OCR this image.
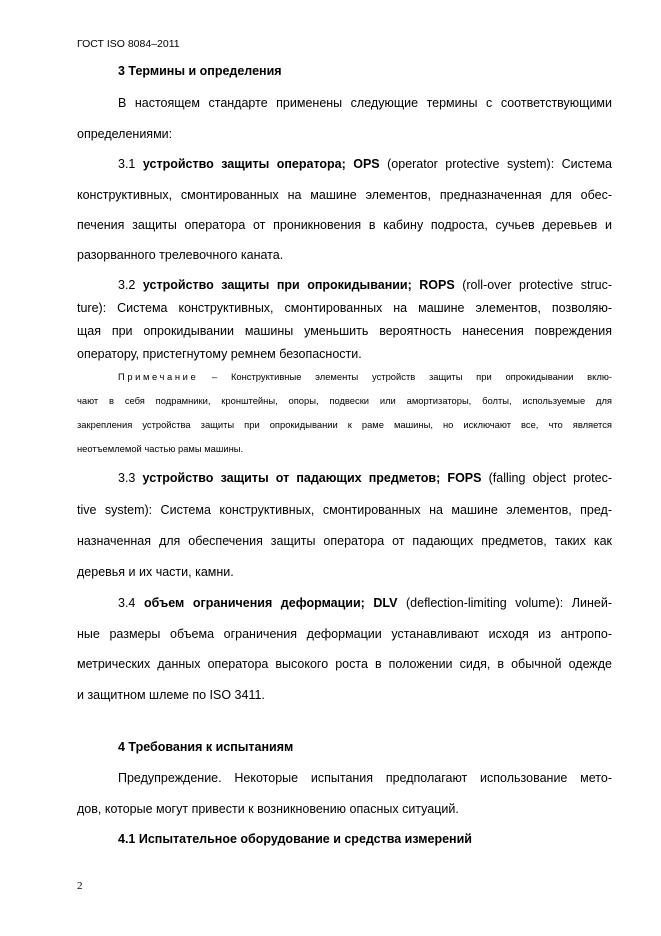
ГОСТ ISO 8084–2011
3 Термины и определения
В настоящем стандарте применены следующие термины с соответствующими
определениями:
3.1 устройство защиты оператора; OPS (operator protective system): Система
конструктивных, смонтированных на машине элементов, предназначенная для обес-
печения защиты оператора от проникновения в кабину подроста, сучьев деревьев и
разорванного трелевочного каната.
3.2 устройство защиты при опрокидывании; ROPS (roll-over protective struc-
ture): Система конструктивных, смонтированных на машине элементов, позволяю-
щая при опрокидывании машины уменьшить вероятность нанесения повреждения
оператору, пристегнутому ремнем безопасности.
Примечание – Конструктивные элементы устройств защиты при опрокидывании вклю-
чают в себя подрамники, кронштейны, опоры, подвески или амортизаторы, болты, используемые для
закрепления устройства защиты при опрокидывании к раме машины, но исключают все, что является
неотъемлемой частью рамы машины.
3.3 устройство защиты от падающих предметов; FOPS (falling object protec-
tive system): Система конструктивных, смонтированных на машине элементов, пред-
назначенная для обеспечения защиты оператора от падающих предметов, таких как
деревья и их части, камни.
3.4 объем ограничения деформации; DLV (deflection-limiting volume): Линей-
ные размеры объема ограничения деформации устанавливают исходя из антропо-
метрических данных оператора высокого роста в положении сидя, в обычной одежде
и защитном шлеме по ISO 3411.
4 Требования к испытаниям
Предупреждение. Некоторые испытания предполагают использование мето-
дов, которые могут привести к возникновению опасных ситуаций.
4.1 Испытательное оборудование и средства измерений
2
